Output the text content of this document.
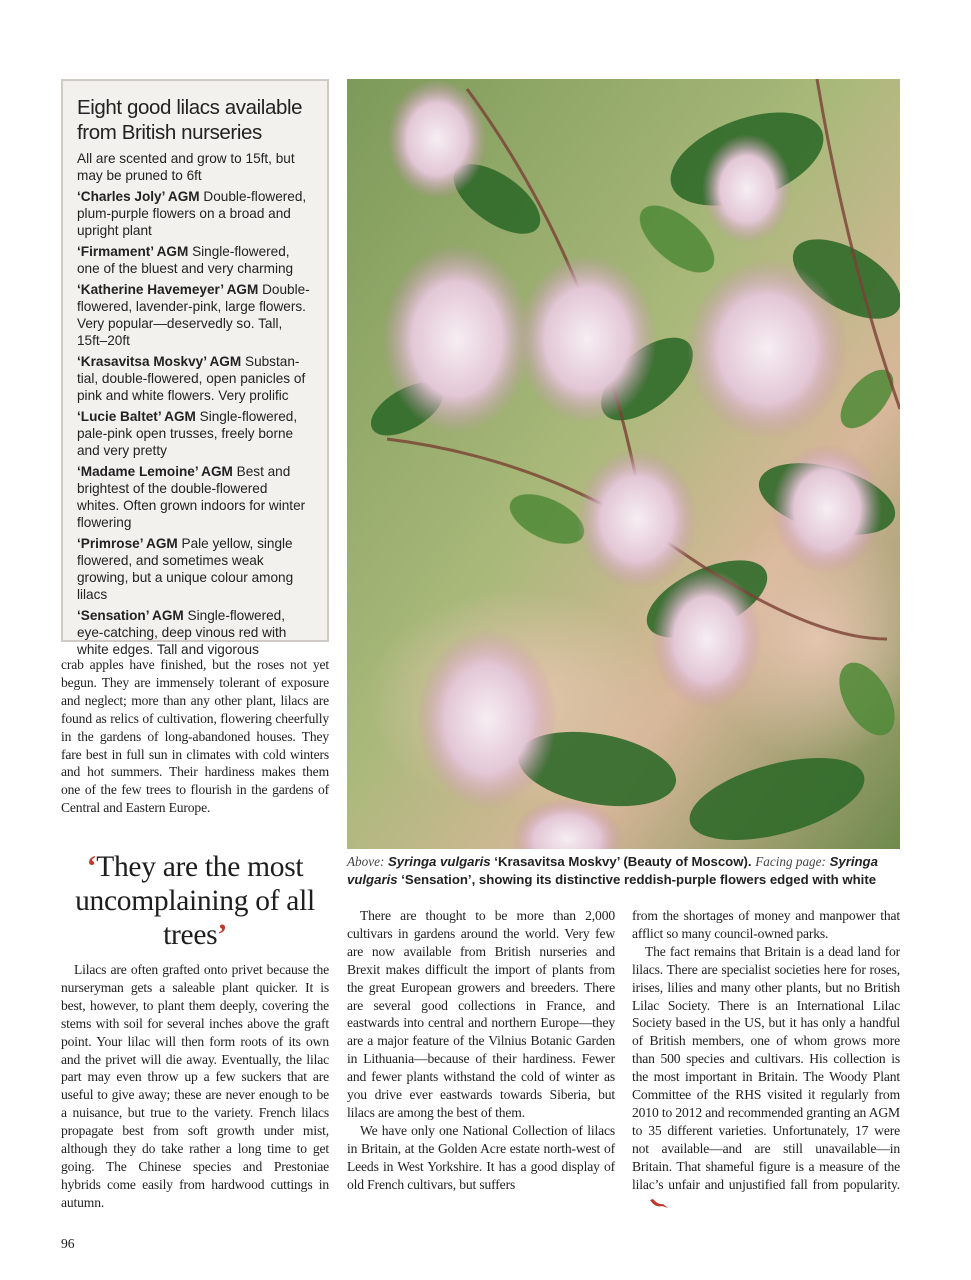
Eight good lilacs available from British nurseries

All are scented and grow to 15ft, but may be pruned to 6ft

‘Charles Joly’ AGM Double-flowered, plum-purple flowers on a broad and upright plant

‘Firmament’ AGM Single-flowered, one of the bluest and very charming

‘Katherine Havemeyer’ AGM Double-flowered, lavender-pink, large flowers. Very popular—deservedly so. Tall, 15ft–20ft

‘Krasavitsa Moskvy’ AGM Substan-tial, double-flowered, open panicles of pink and white flowers. Very prolific

‘Lucie Baltet’ AGM Single-flowered, pale-pink open trusses, freely borne and very pretty

‘Madame Lemoine’ AGM Best and brightest of the double-flowered whites. Often grown indoors for winter flowering

‘Primrose’ AGM Pale yellow, single flowered, and sometimes weak growing, but a unique colour among lilacs

‘Sensation’ AGM Single-flowered, eye-catching, deep vinous red with white edges. Tall and vigorous

Above: Syringa vulgaris ‘Krasavitsa Moskvy’ (Beauty of Moscow). Facing page: Syringa vulgaris ‘Sensation’, showing its distinctive reddish-purple flowers edged with white

crab apples have finished, but the roses not yet begun. They are immensely tolerant of exposure and neglect; more than any other plant, lilacs are found as relics of cultivation, flowering cheerfully in the gardens of long-abandoned houses. They fare best in full sun in climates with cold winters and hot summers. Their hardiness makes them one of the few trees to flourish in the gardens of Central and Eastern Europe.

‘They are the most uncomplaining of all trees’

Lilacs are often grafted onto privet because the nurseryman gets a saleable plant quicker. It is best, however, to plant them deeply, covering the stems with soil for several inches above the graft point. Your lilac will then form roots of its own and the privet will die away. Eventually, the lilac part may even throw up a few suckers that are useful to give away; these are never enough to be a nuisance, but true to the variety. French lilacs propagate best from soft growth under mist, although they do take rather a long time to get going. The Chinese species and Prestoniae hybrids come easily from hardwood cuttings in autumn.

There are thought to be more than 2,000 cultivars in gardens around the world. Very few are now available from British nurseries and Brexit makes difficult the import of plants from the great European growers and breeders. There are several good collections in France, and eastwards into central and northern Europe—they are a major feature of the Vilnius Botanic Garden in Lithuania—because of their hardiness. Fewer and fewer plants withstand the cold of winter as you drive ever eastwards towards Siberia, but lilacs are among the best of them.

We have only one National Collection of lilacs in Britain, at the Golden Acre estate north-west of Leeds in West Yorkshire. It has a good display of old French cultivars, but suffers

from the shortages of money and manpower that afflict so many council-owned parks.

The fact remains that Britain is a dead land for lilacs. There are specialist societies here for roses, irises, lilies and many other plants, but no British Lilac Society. There is an International Lilac Society based in the US, but it has only a handful of British members, one of whom grows more than 500 species and cultivars. His collection is the most important in Britain. The Woody Plant Committee of the RHS visited it regularly from 2010 to 2012 and recommended granting an AGM to 35 different varieties. Unfortunately, 17 were not available—and are still unavailable—in Britain. That shameful figure is a measure of the lilac’s unfair and unjustified fall from popularity.

96
